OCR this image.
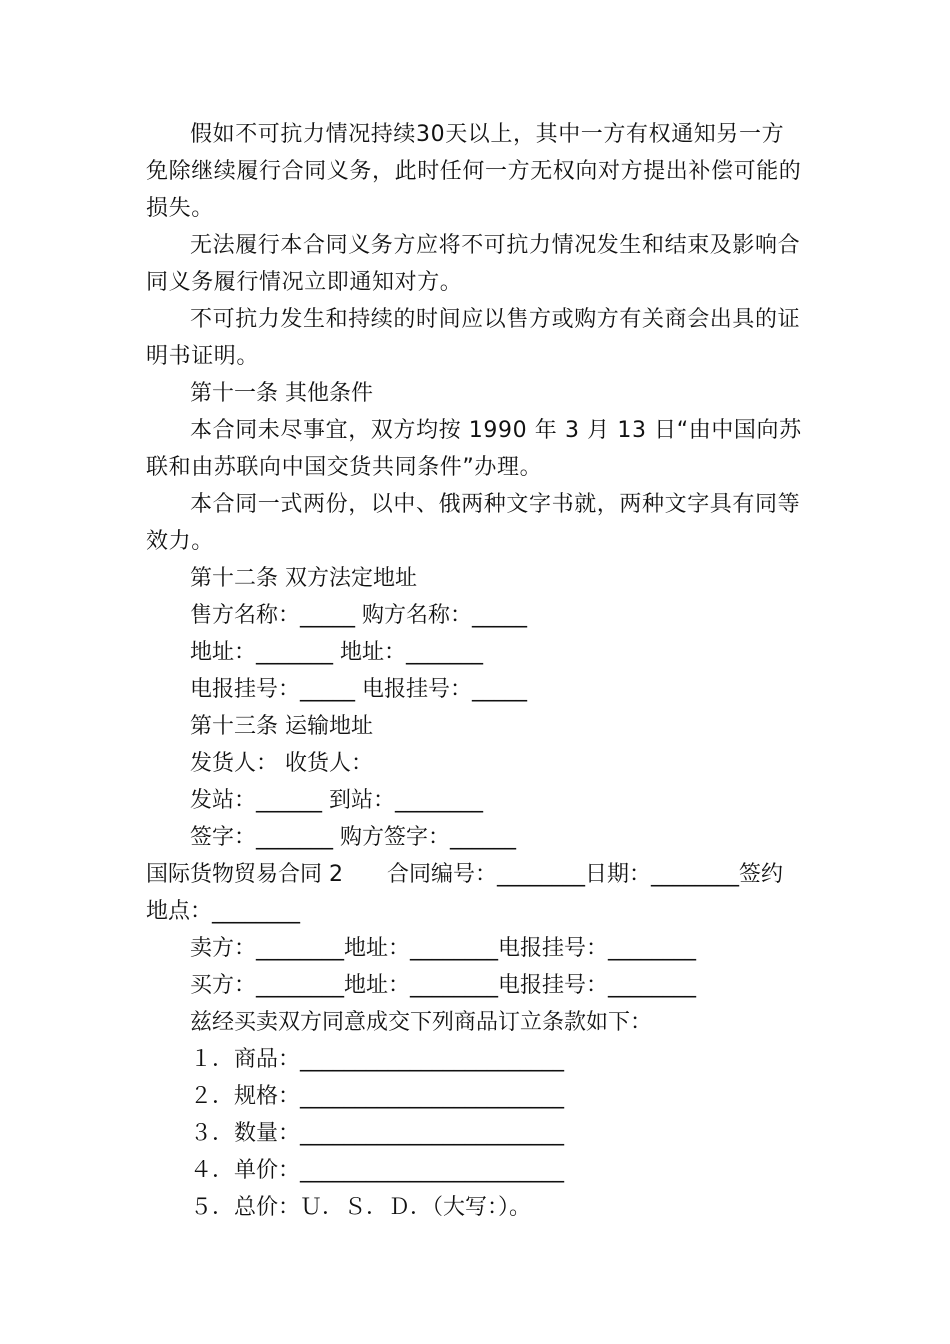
假如不可抗力情况持续30天以上，其中一方有权通知另一方免除继续履行合同义务，此时任何一方无权向对方提出补偿可能的损失。
无法履行本合同义务方应将不可抗力情况发生和结束及影响合同义务履行情况立即通知对方。
不可抗力发生和持续的时间应以售方或购方有关商会出具的证明书证明。
第十一条 其他条件
本合同未尽事宜，双方均按 1990 年 3 月 13 日“由中国向苏联和由苏联向中国交货共同条件”办理。
本合同一式两份，以中、俄两种文字书就，两种文字具有同等效力。
第十二条 双方法定地址
售方名称：_____ 购方名称：_____
地址：_______ 地址：_______
电报挂号：_____ 电报挂号：_____
第十三条 运输地址
发货人： 收货人：
发站：______ 到站：________
签字：_______ 购方签字：______
国际货物贸易合同 2　　合同编号：________日期：________签约
地点：________
卖方：________地址：________电报挂号：________
买方：________地址：________电报挂号：________
兹经买卖双方同意成交下列商品订立条款如下：
１．商品：________________________
２．规格：________________________
３．数量：________________________
４．单价：________________________
５．总价：Ｕ．Ｓ．Ｄ．（大写：）。
